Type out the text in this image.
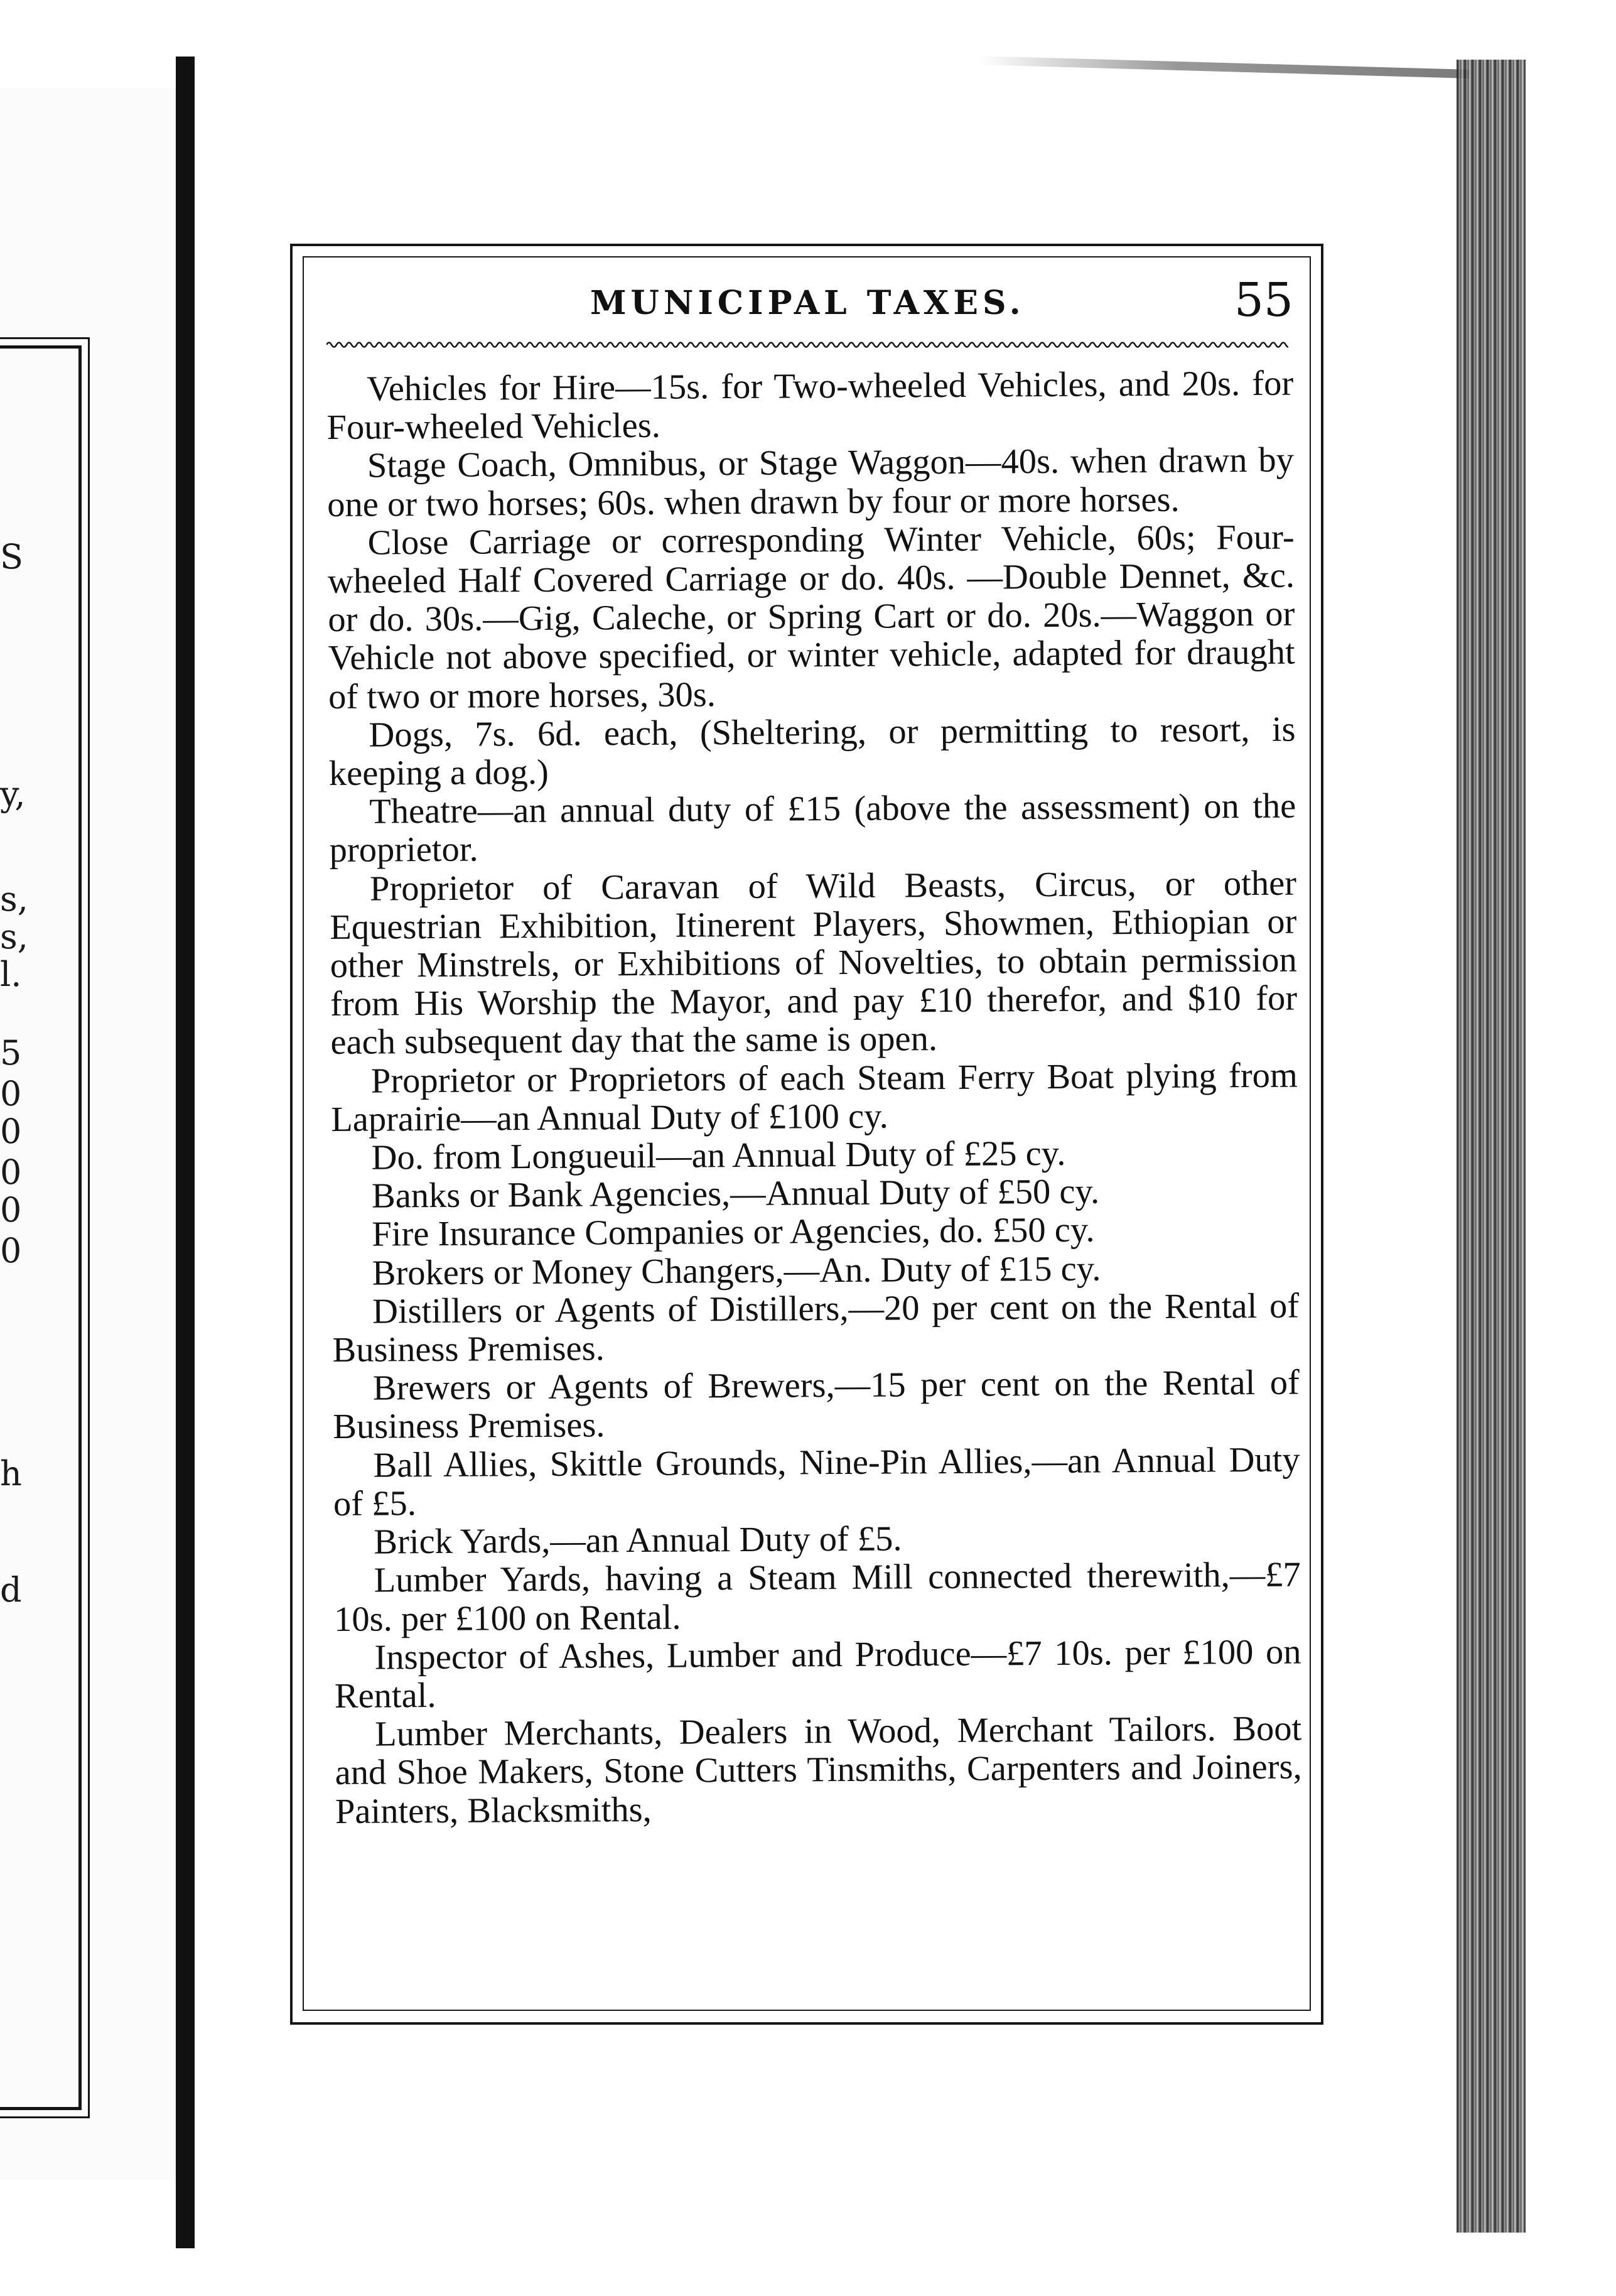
S
y,
s,
s,
l.
5
0
0
0
0
0
h
d
MUNICIPAL TAXES.	55

Vehicles for Hire—15s. for Two-wheeled Vehicles, and 20s. for Four-wheeled Vehicles.

Stage Coach, Omnibus, or Stage Waggon—40s. when drawn by one or two horses; 60s. when drawn by four or more horses.

Close Carriage or corresponding Winter Vehicle, 60s; Four-wheeled Half Covered Carriage or do. 40s. —Double Dennet, &c. or do. 30s.—Gig, Caleche, or Spring Cart or do. 20s.—Waggon or Vehicle not above specified, or winter vehicle, adapted for draught of two or more horses, 30s.

Dogs, 7s. 6d. each, (Sheltering, or permitting to resort, is keeping a dog.)

Theatre—an annual duty of £15 (above the assessment) on the proprietor.

Proprietor of Caravan of Wild Beasts, Circus, or other Equestrian Exhibition, Itinerent Players, Showmen, Ethiopian or other Minstrels, or Exhibitions of Novelties, to obtain permission from His Worship the Mayor, and pay £10 therefor, and $10 for each subsequent day that the same is open.

Proprietor or Proprietors of each Steam Ferry Boat plying from Laprairie—an Annual Duty of £100 cy.

Do. from Longueuil—an Annual Duty of £25 cy.

Banks or Bank Agencies,—Annual Duty of £50 cy.

Fire Insurance Companies or Agencies, do. £50 cy.

Brokers or Money Changers,—An. Duty of £15 cy.

Distillers or Agents of Distillers,—20 per cent on the Rental of Business Premises.

Brewers or Agents of Brewers,—15 per cent on the Rental of Business Premises.

Ball Allies, Skittle Grounds, Nine-Pin Allies,—an Annual Duty of £5.

Brick Yards,—an Annual Duty of £5.

Lumber Yards, having a Steam Mill connected therewith,—£7 10s. per £100 on Rental.

Inspector of Ashes, Lumber and Produce—£7 10s. per £100 on Rental.

Lumber Merchants, Dealers in Wood, Merchant Tailors. Boot and Shoe Makers, Stone Cutters Tinsmiths, Carpenters and Joiners, Painters, Blacksmiths,
